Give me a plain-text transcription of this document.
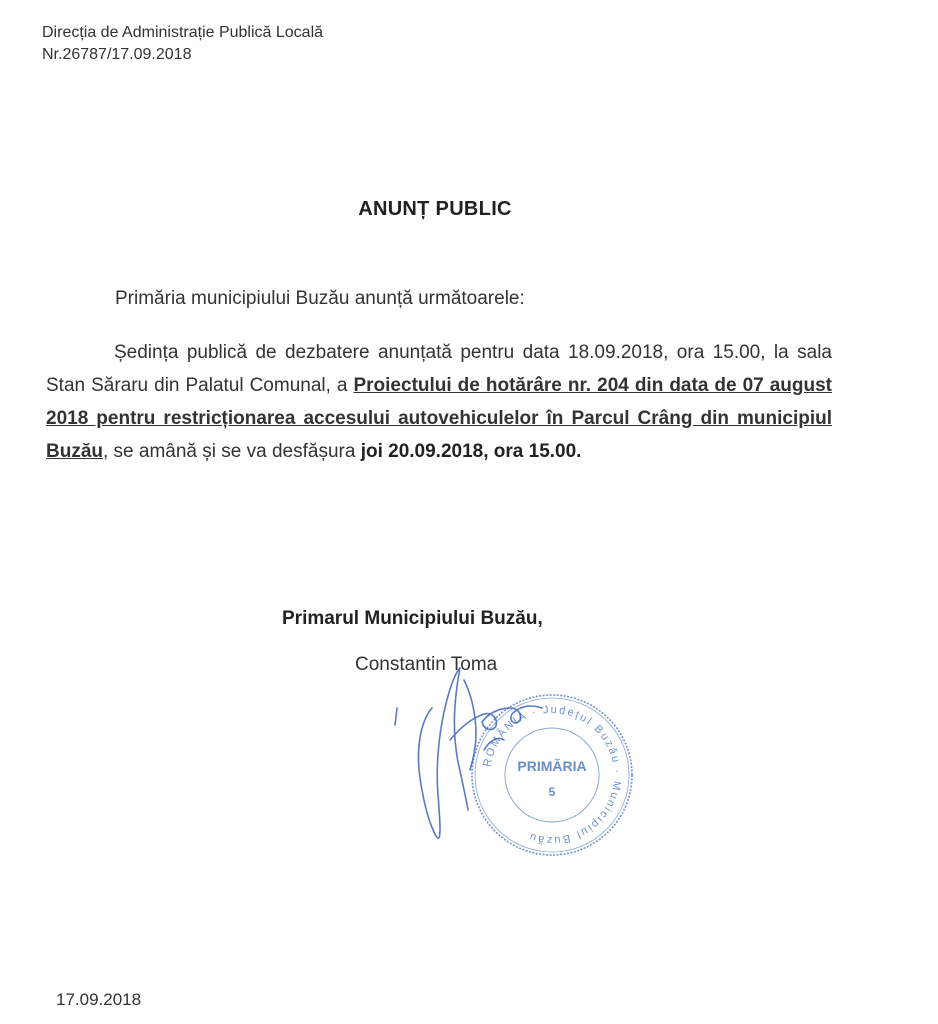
Direcția de Administrație Publică Locală
Nr.26787/17.09.2018
ANUNȚ PUBLIC
Primăria municipiului Buzău anunță următoarele:
Ședința publică de dezbatere anunțată pentru data 18.09.2018, ora 15.00, la sala Stan Săraru din Palatul Comunal, a Proiectului de hotărâre nr. 204 din data de 07 august 2018 pentru restricționarea accesului autovehiculelor în Parcul Crâng din municipiul Buzău, se amână și se va desfășura joi 20.09.2018, ora 15.00.
Primarul Municipiului Buzău,
Constantin Toma
ROMÂNIA · Județul Buzău · Municipiul Buzău
PRIMĂRIA
5
17.09.2018
